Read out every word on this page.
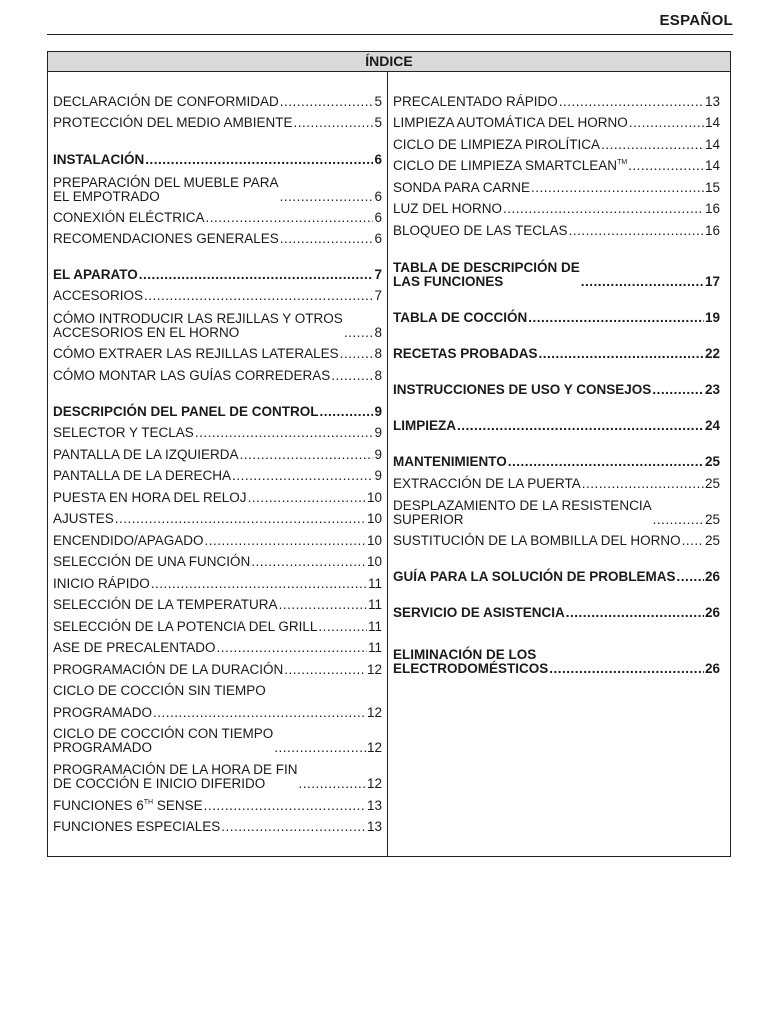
ESPAÑOL
ÍNDICE
DECLARACIÓN DE CONFORMIDAD .....	5
PROTECCIÓN DEL MEDIO AMBIENTE .....	5
INSTALACIÓN .....	6
PREPARACIÓN DEL MUEBLE PARA
EL EMPOTRADO .....	6
CONEXIÓN ELÉCTRICA .....	6
RECOMENDACIONES GENERALES .....	6
EL APARATO .....	7
ACCESORIOS .....	7
CÓMO INTRODUCIR LAS REJILLAS Y OTROS
ACCESORIOS EN EL HORNO .....	8
CÓMO EXTRAER LAS REJILLAS LATERALES .....	8
CÓMO MONTAR LAS GUÍAS CORREDERAS .....	8
DESCRIPCIÓN DEL PANEL DE CONTROL .....	9
SELECTOR Y TECLAS .....	9
PANTALLA DE LA IZQUIERDA .....	9
PANTALLA DE LA DERECHA .....	9
PUESTA EN HORA DEL RELOJ .....	10
AJUSTES .....	10
ENCENDIDO/APAGADO .....	10
SELECCIÓN DE UNA FUNCIÓN .....	10
INICIO RÁPIDO .....	11
SELECCIÓN DE LA TEMPERATURA .....	11
SELECCIÓN DE LA POTENCIA DEL GRILL .....	11
ASE DE PRECALENTADO .....	11
PROGRAMACIÓN DE LA DURACIÓN .....	12
CICLO DE COCCIÓN SIN TIEMPO
PROGRAMADO .....	12
CICLO DE COCCIÓN CON TIEMPO
PROGRAMADO .....	12
PROGRAMACIÓN DE LA HORA DE FIN
DE COCCIÓN E INICIO DIFERIDO .....	12
FUNCIONES 6TH SENSE .....	13
FUNCIONES ESPECIALES .....	13
PRECALENTADO RÁPIDO .....	13
LIMPIEZA AUTOMÁTICA DEL HORNO .....	14
CICLO DE LIMPIEZA PIROLÍTICA .....	14
CICLO DE LIMPIEZA SMARTCLEAN™ .....	14
SONDA PARA CARNE .....	15
LUZ DEL HORNO .....	16
BLOQUEO DE LAS TECLAS .....	16
TABLA DE DESCRIPCIÓN DE
LAS FUNCIONES .....	17
TABLA DE COCCIÓN .....	19
RECETAS PROBADAS .....	22
INSTRUCCIONES DE USO Y CONSEJOS .....	23
LIMPIEZA .....	24
MANTENIMIENTO .....	25
EXTRACCIÓN DE LA PUERTA .....	25
DESPLAZAMIENTO DE LA RESISTENCIA
SUPERIOR .....	25
SUSTITUCIÓN DE LA BOMBILLA DEL HORNO ..... 25
GUÍA PARA LA SOLUCIÓN DE PROBLEMAS ..... 26
SERVICIO DE ASISTENCIA .....	26
ELIMINACIÓN DE LOS
ELECTRODOMÉSTICOS .....	26
